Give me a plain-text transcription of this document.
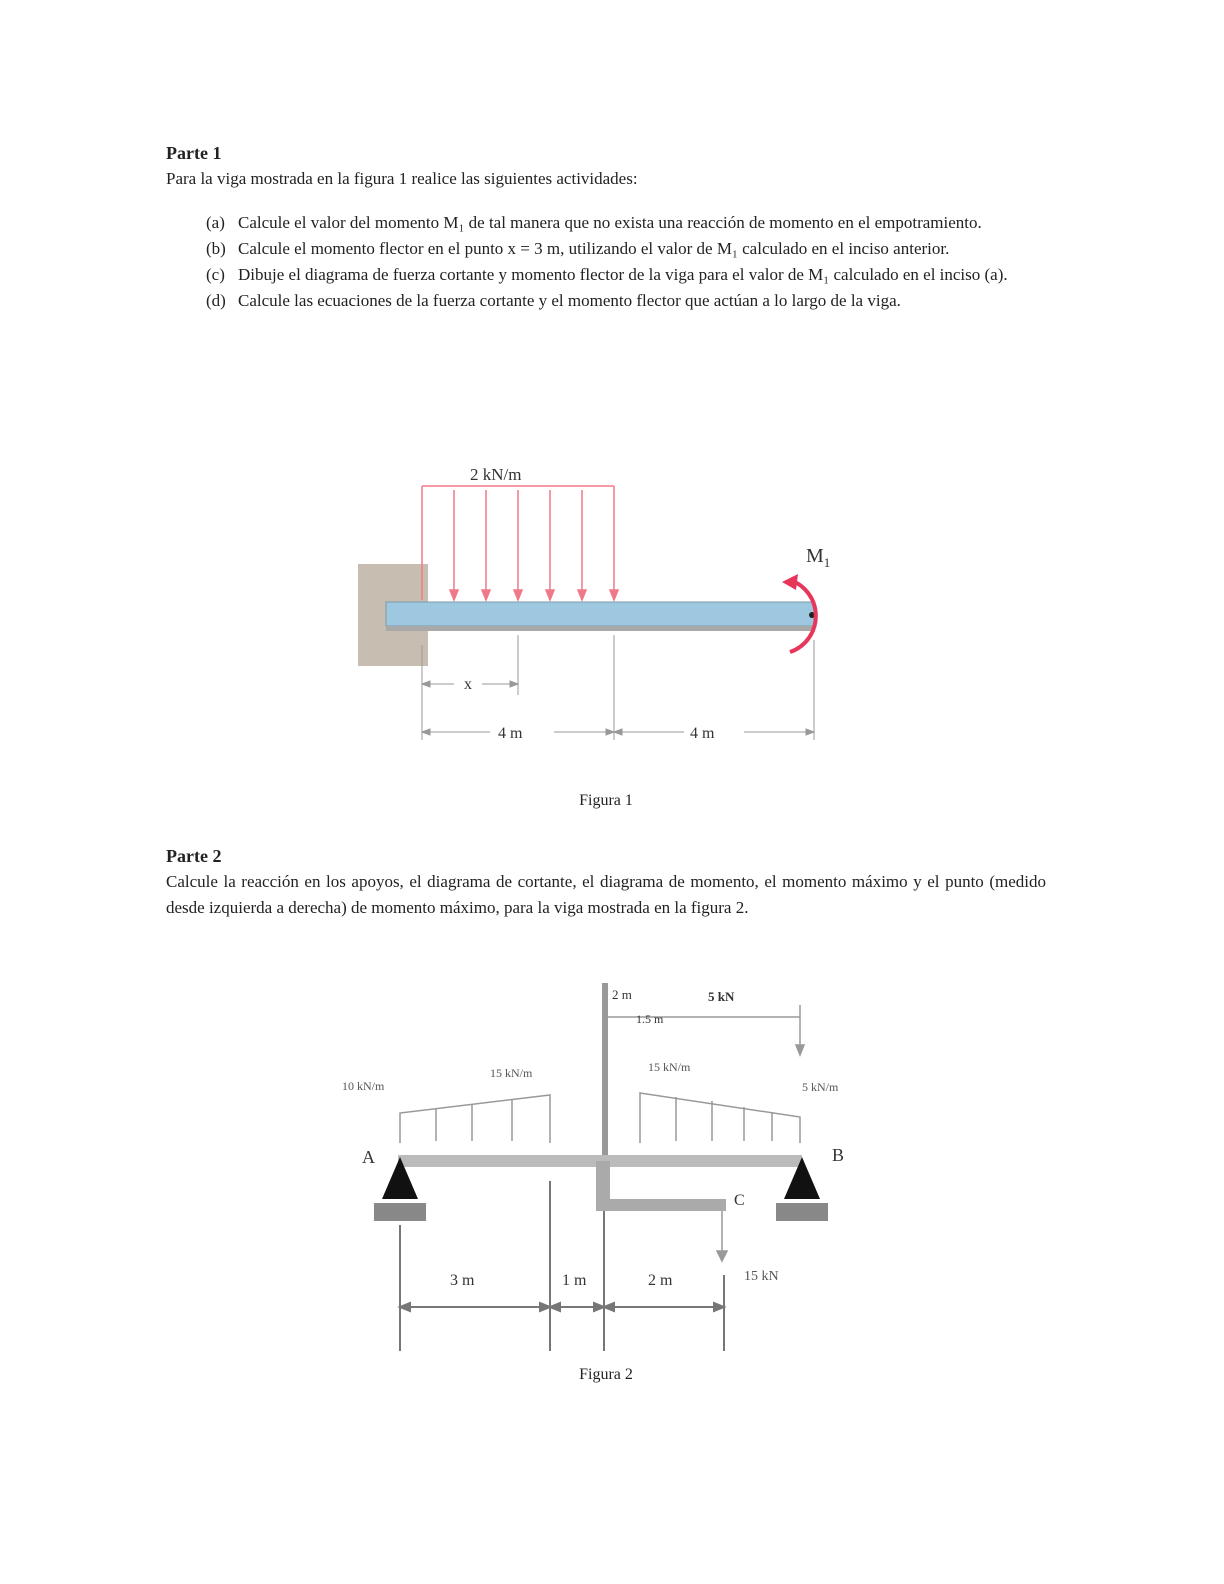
Parte 1

Para la viga mostrada en la figura 1 realice las siguientes actividades:

(a) Calcule el valor del momento M₁ de tal manera que no exista una reacción de momento en el empotramiento.
(b) Calcule el momento flector en el punto x = 3 m, utilizando el valor de M₁ calculado en el inciso anterior.
(c) Dibuje el diagrama de fuerza cortante y momento flector de la viga para el valor de M₁ calculado en el inciso (a).
(d) Calcule las ecuaciones de la fuerza cortante y el momento flector que actúan a lo largo de la viga.
2 kN/m
$M_1$
x
4 m	4 m
Figura 1

Parte 2

Calcule la reacción en los apoyos, el diagrama de cortante, el diagrama de momento, el momento máximo y el punto (medido desde izquierda a derecha) de momento máximo, para la viga mostrada en la figura 2.

2 m	5 kN
1.5 m
10 kN/m
15 kN/m	15 kN/m
5 kN/m
A	B
C
15 kN
3 m	1 m	2 m
Figura 2
